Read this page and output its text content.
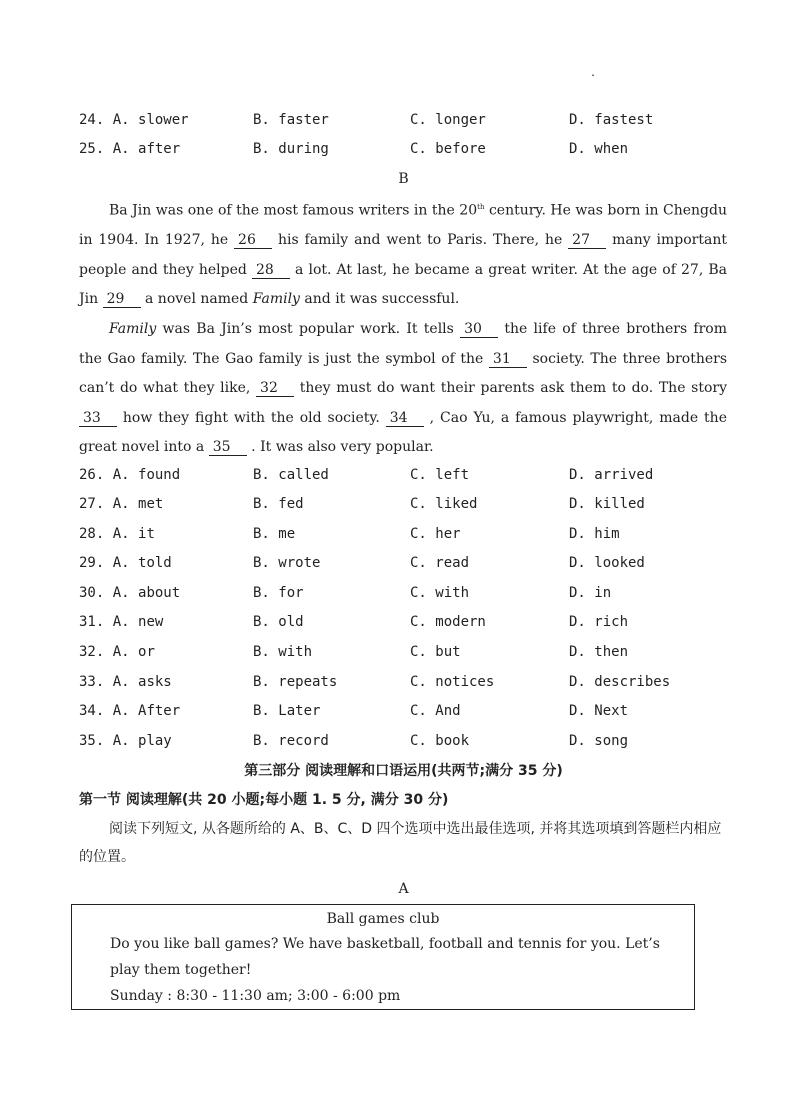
.
24. A. slower	B. faster	C. longer	D. fastest
25. A. after	B. during	C. before	D. when
B

Ba Jin was one of the most famous writers in the 20th century. He was born in Chengdu in 1904. In 1927, he 26 his family and went to Paris. There, he 27 many important people and they helped 28 a lot. At last, he became a great writer. At the age of 27, Ba Jin 29 a novel named Family and it was successful.

Family was Ba Jin’s most popular work. It tells 30 the life of three brothers from the Gao family. The Gao family is just the symbol of the 31 society. The three brothers can’t do what they like, 32 they must do want their parents ask them to do. The story 33 how they fight with the old society. 34 , Cao Yu, a famous playwright, made the great novel into a 35 . It was also very popular.

26. A. found	B. called	C. left	D. arrived
27. A. met	B. fed	C. liked	D. killed
28. A. it	B. me	C. her	D. him
29. A. told	B. wrote	C. read	D. looked
30. A. about	B. for	C. with	D. in
31. A. new	B. old	C. modern	D. rich
32. A. or	B. with	C. but	D. then
33. A. asks	B. repeats	C. notices	D. describes
34. A. After	B. Later	C. And	D. Next
35. A. play	B. record	C. book	D. song
第三部分 阅读理解和口语运用(共两节;满分 35 分)
第一节 阅读理解(共 20 小题;每小题 1. 5 分, 满分 30 分)

阅读下列短文, 从各题所给的 A、B、C、D 四个选项中选出最佳选项, 并将其选项填到答题栏内相应的位置。

A
Ball games club
Do you like ball games? We have basketball, football and tennis for you. Let’s play them together!
Sunday : 8:30 - 11:30 am; 3:00 - 6:00 pm
